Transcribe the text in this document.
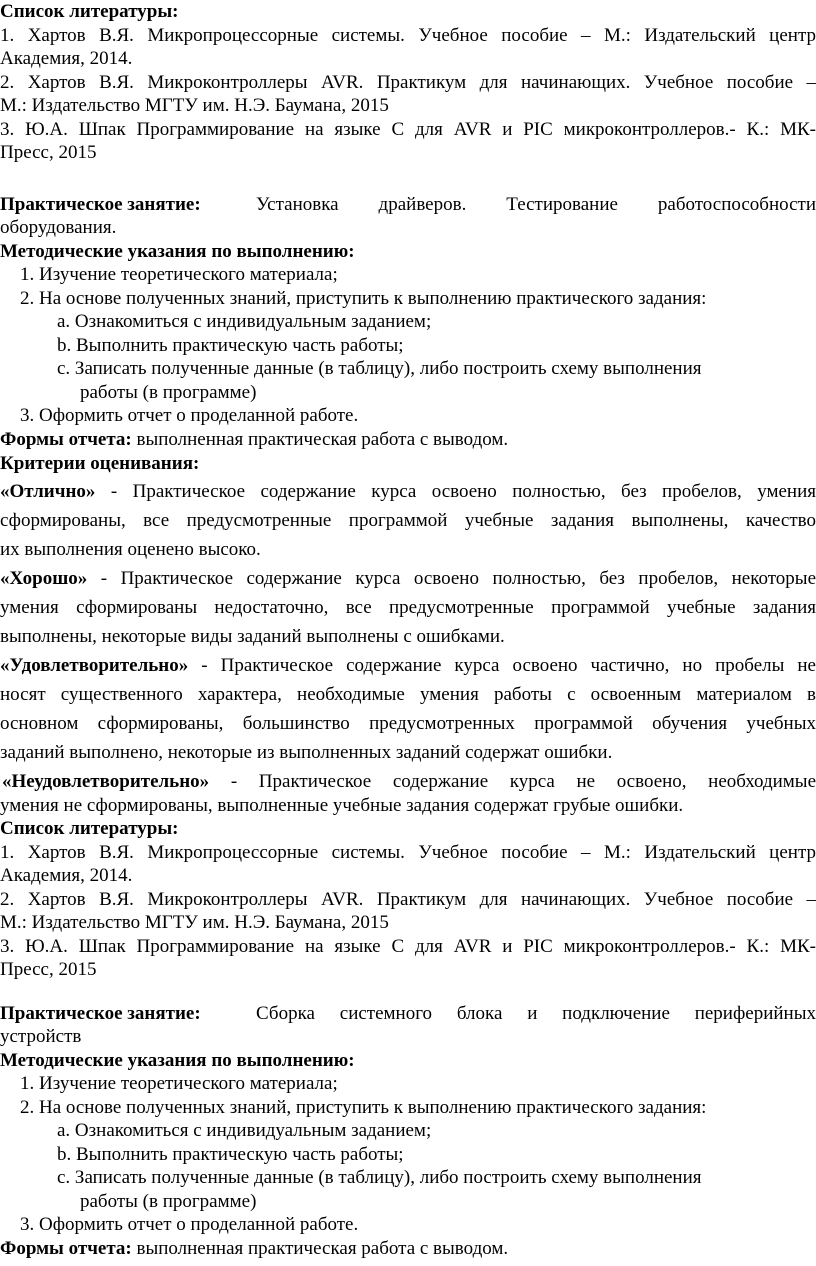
Список литературы:
1. Хартов В.Я. Микропроцессорные системы. Учебное пособие – М.: Издательский центр
Академия, 2014.
2. Хартов В.Я. Микроконтроллеры AVR. Практикум для начинающих. Учебное пособие –
М.: Издательство МГТУ им. Н.Э. Баумана, 2015
3. Ю.А. Шпак Программирование на языке С для AVR и PIC микроконтроллеров.- К.: МК-
Пресс, 2015
Практическое занятие:	Установка драйверов. Тестирование работоспособности
оборудования.
Методические указания по выполнению:
1. Изучение теоретического материала;
2. На основе полученных знаний, приступить к выполнению практического задания:
a. Ознакомиться с индивидуальным заданием;
b. Выполнить практическую часть работы;
c. Записать полученные данные (в таблицу), либо построить схему выполнения
работы (в программе)
3. Оформить отчет о проделанной работе.
Формы отчета: выполненная практическая работа с выводом.
Критерии оценивания:
«Отлично» - Практическое содержание курса освоено полностью, без пробелов, умения
сформированы, все предусмотренные программой учебные задания выполнены, качество
их выполнения оценено высоко.
«Хорошо» - Практическое содержание курса освоено полностью, без пробелов, некоторые
умения сформированы недостаточно, все предусмотренные программой учебные задания
выполнены, некоторые виды заданий выполнены с ошибками.
«Удовлетворительно» - Практическое содержание курса освоено частично, но пробелы не
носят существенного характера, необходимые умения работы с освоенным материалом в
основном сформированы, большинство предусмотренных программой обучения учебных
заданий выполнено, некоторые из выполненных заданий содержат ошибки.
«Неудовлетворительно» - Практическое содержание курса не освоено, необходимые
умения не сформированы, выполненные учебные задания содержат грубые ошибки.
Список литературы:
1. Хартов В.Я. Микропроцессорные системы. Учебное пособие – М.: Издательский центр
Академия, 2014.
2. Хартов В.Я. Микроконтроллеры AVR. Практикум для начинающих. Учебное пособие –
М.: Издательство МГТУ им. Н.Э. Баумана, 2015
3. Ю.А. Шпак Программирование на языке С для AVR и PIC микроконтроллеров.- К.: МК-
Пресс, 2015
Практическое занятие:	Сборка системного блока и подключение периферийных
устройств
Методические указания по выполнению:
1. Изучение теоретического материала;
2. На основе полученных знаний, приступить к выполнению практического задания:
a. Ознакомиться с индивидуальным заданием;
b. Выполнить практическую часть работы;
c. Записать полученные данные (в таблицу), либо построить схему выполнения
работы (в программе)
3. Оформить отчет о проделанной работе.
Формы отчета: выполненная практическая работа с выводом.
